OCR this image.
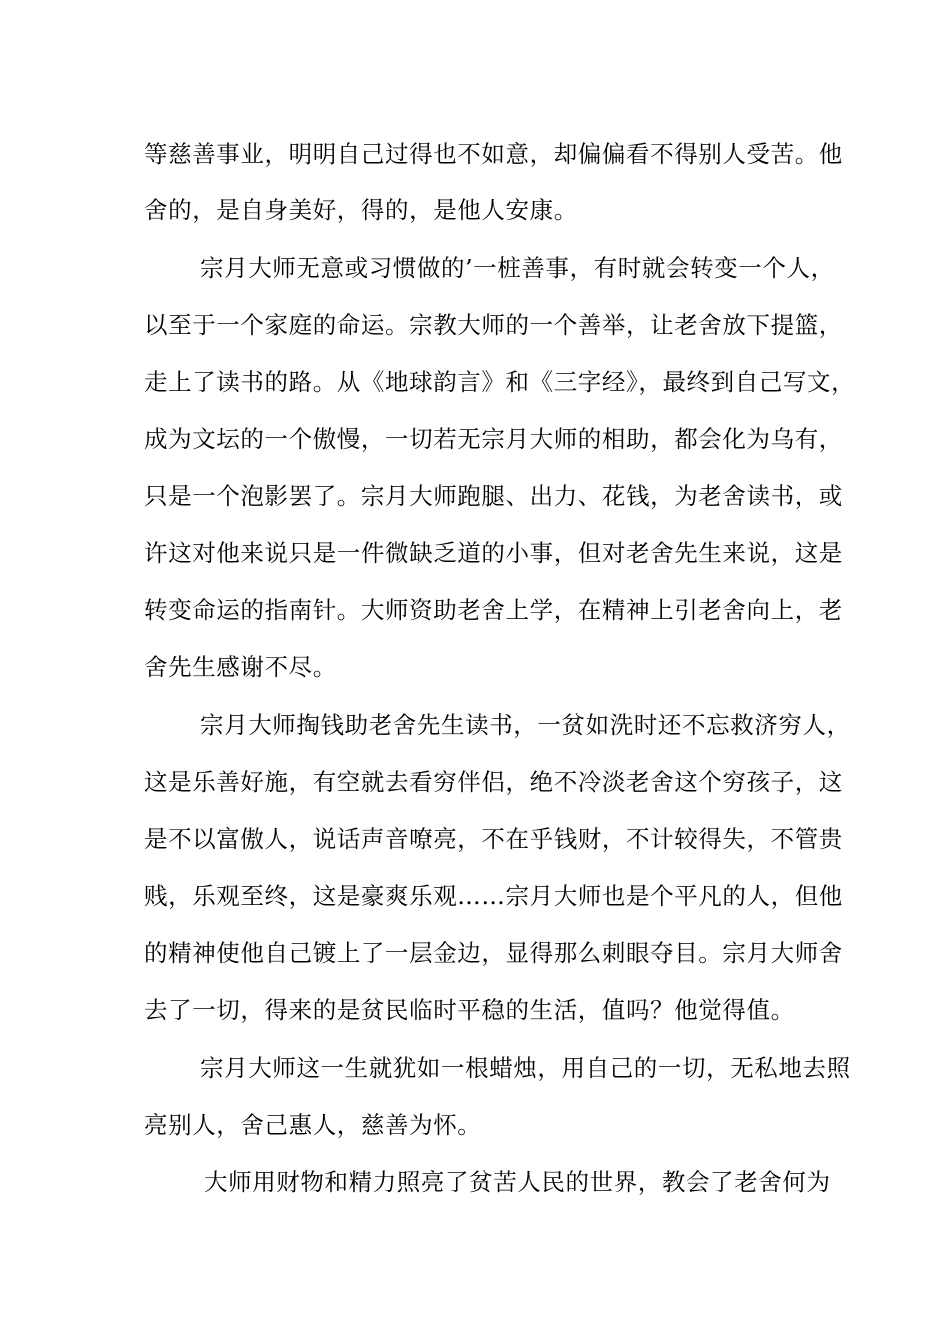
等慈善事业，明明自己过得也不如意，却偏偏看不得别人受苦。他
舍的，是自身美好，得的，是他人安康。
宗月大师无意或习惯做的’一桩善事，有时就会转变一个人，
以至于一个家庭的命运。宗教大师的一个善举，让老舍放下提篮，
走上了读书的路。从《地球韵言》和《三字经》，最终到自己写文，
成为文坛的一个傲慢，一切若无宗月大师的相助，都会化为乌有，
只是一个泡影罢了。宗月大师跑腿、出力、花钱，为老舍读书，或
许这对他来说只是一件微缺乏道的小事，但对老舍先生来说，这是
转变命运的指南针。大师资助老舍上学，在精神上引老舍向上，老
舍先生感谢不尽。
宗月大师掏钱助老舍先生读书，一贫如洗时还不忘救济穷人，
这是乐善好施，有空就去看穷伴侣，绝不冷淡老舍这个穷孩子，这
是不以富傲人，说话声音嘹亮，不在乎钱财，不计较得失，不管贵
贱，乐观至终，这是豪爽乐观……宗月大师也是个平凡的人，但他
的精神使他自己镀上了一层金边，显得那么刺眼夺目。宗月大师舍
去了一切，得来的是贫民临时平稳的生活，值吗？他觉得值。
宗月大师这一生就犹如一根蜡烛，用自己的一切，无私地去照
亮别人，舍己惠人，慈善为怀。
大师用财物和精力照亮了贫苦人民的世界，教会了老舍何为
